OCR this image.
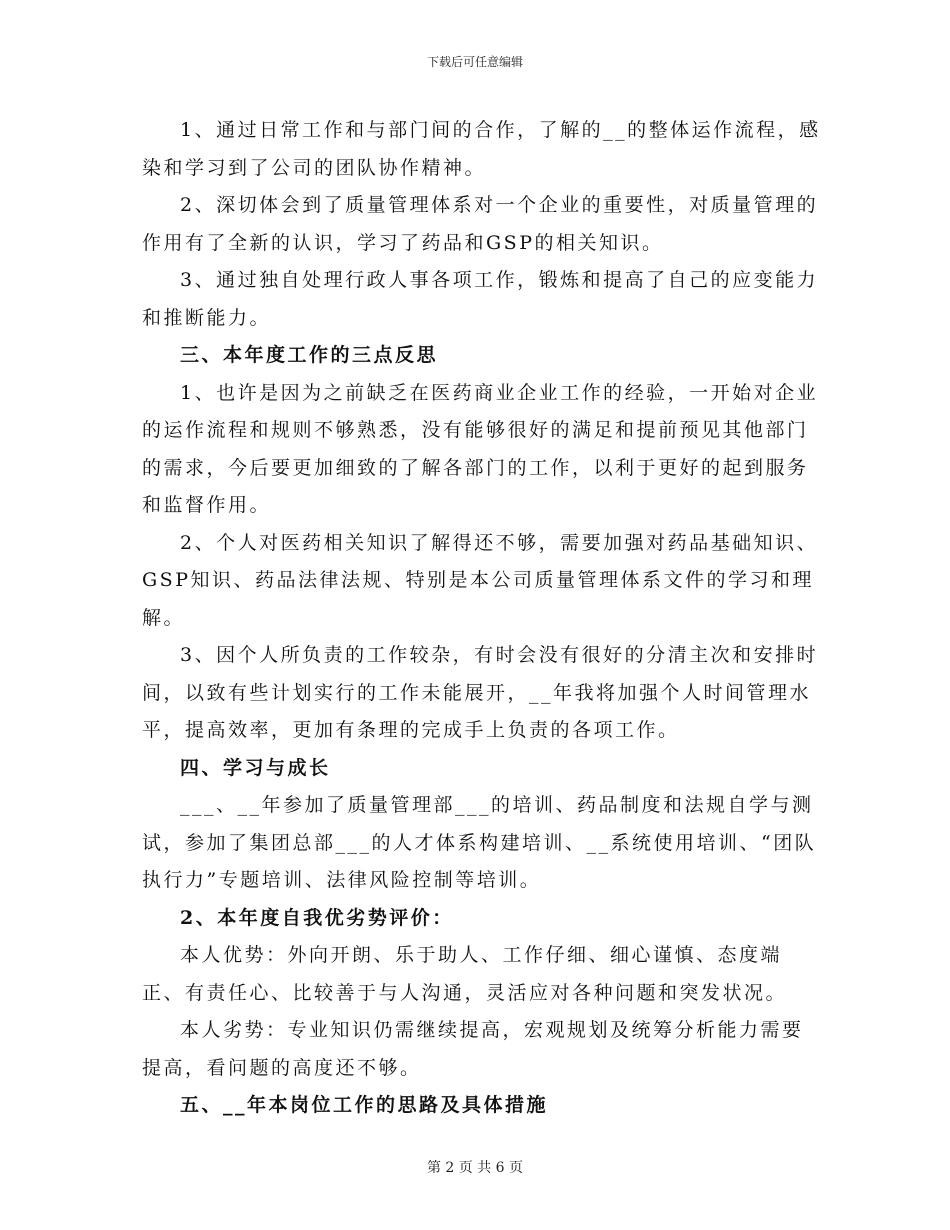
下载后可任意编辑

1、通过日常工作和与部门间的合作，了解的__的整体运作流程，感染和学习到了公司的团队协作精神。

2、深切体会到了质量管理体系对一个企业的重要性，对质量管理的作用有了全新的认识，学习了药品和GSP的相关知识。

3、通过独自处理行政人事各项工作，锻炼和提高了自己的应变能力和推断能力。

三、本年度工作的三点反思

1、也许是因为之前缺乏在医药商业企业工作的经验，一开始对企业的运作流程和规则不够熟悉，没有能够很好的满足和提前预见其他部门的需求，今后要更加细致的了解各部门的工作，以利于更好的起到服务和监督作用。

2、个人对医药相关知识了解得还不够，需要加强对药品基础知识、GSP知识、药品法律法规、特别是本公司质量管理体系文件的学习和理解。

3、因个人所负责的工作较杂，有时会没有很好的分清主次和安排时间，以致有些计划实行的工作未能展开，__年我将加强个人时间管理水平，提高效率，更加有条理的完成手上负责的各项工作。

四、学习与成长

___、__年参加了质量管理部___的培训、药品制度和法规自学与测试，参加了集团总部___的人才体系构建培训、__系统使用培训、“团队执行力”专题培训、法律风险控制等培训。

2、本年度自我优劣势评价：

本人优势：外向开朗、乐于助人、工作仔细、细心谨慎、态度端正、有责任心、比较善于与人沟通，灵活应对各种问题和突发状况。

本人劣势：专业知识仍需继续提高，宏观规划及统筹分析能力需要提高，看问题的高度还不够。

五、__年本岗位工作的思路及具体措施

第 2 页 共 6 页
